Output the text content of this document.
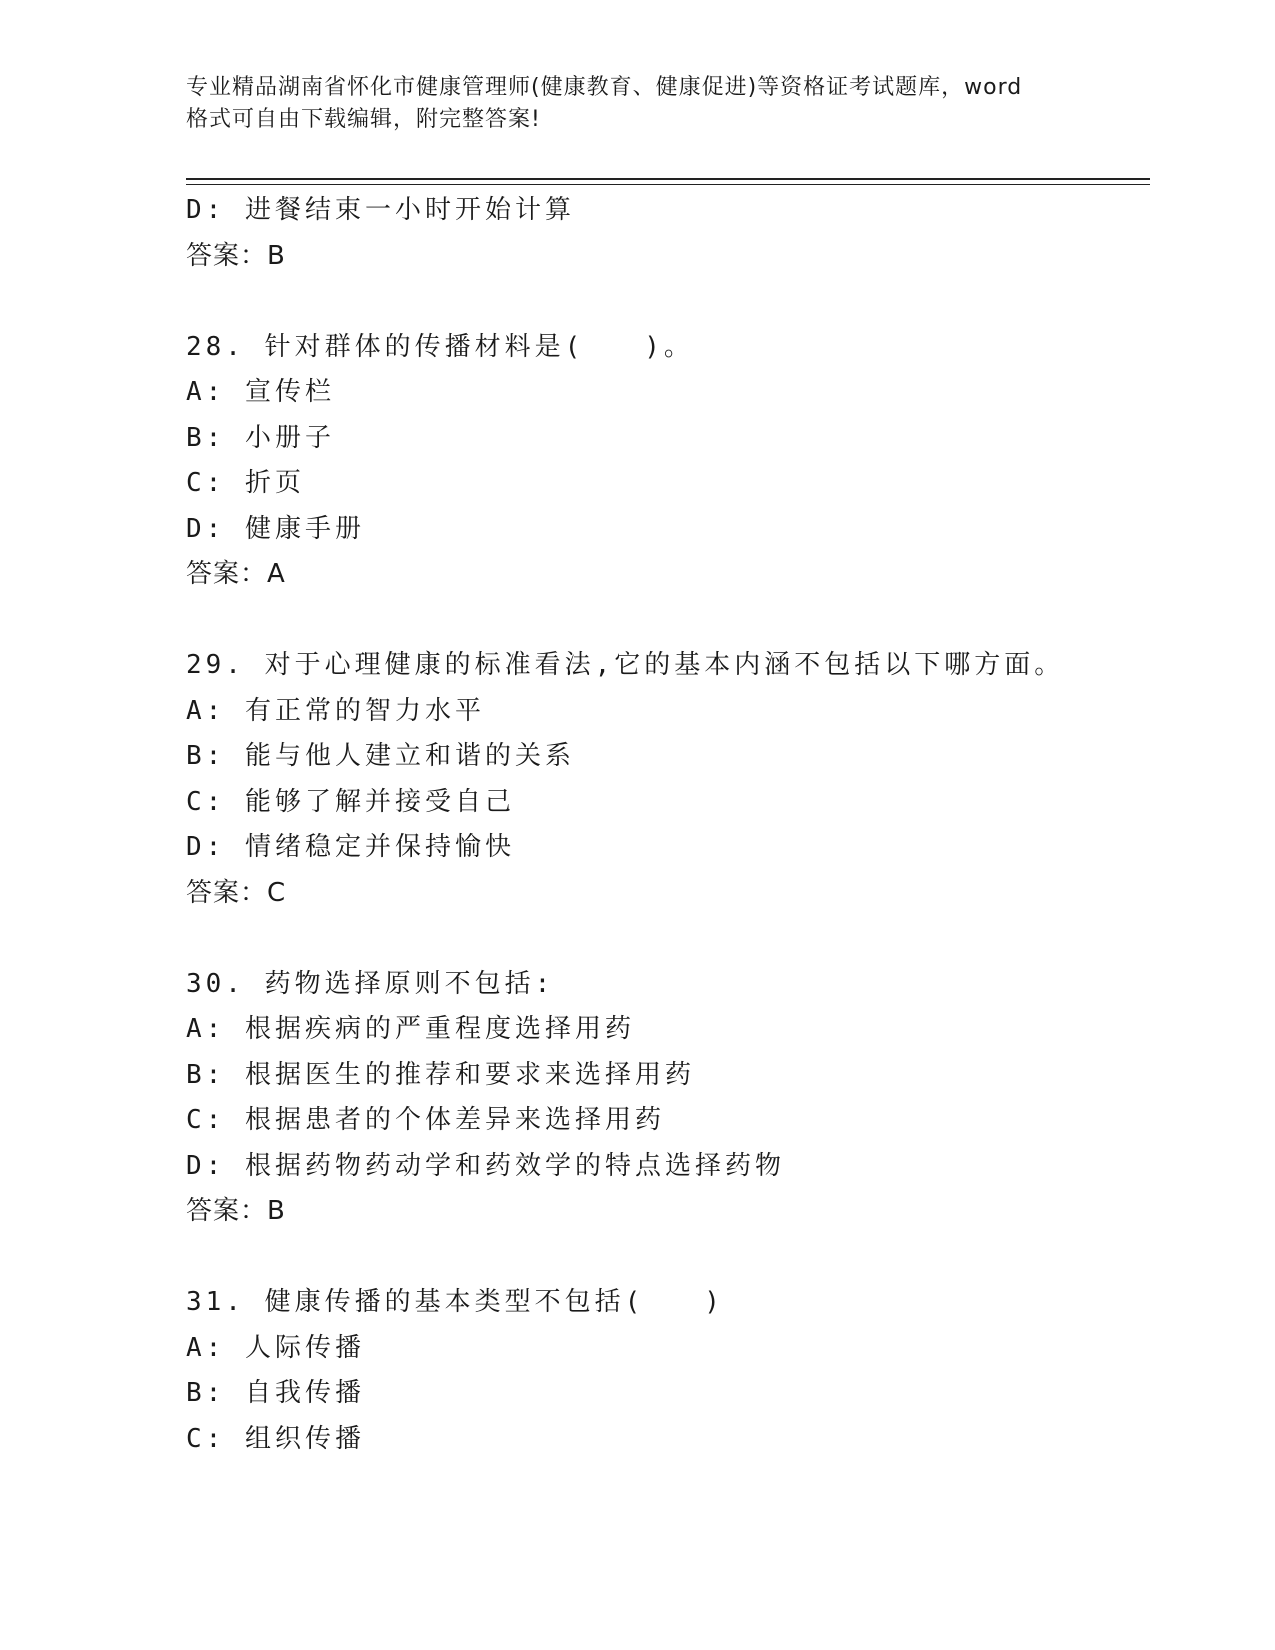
专业精品湖南省怀化市健康管理师(健康教育、健康促进)等资格证考试题库，word
格式可自由下载编辑，附完整答案!
D: 进餐结束一小时开始计算
答案：B
28. 针对群体的传播材料是(　　)。
A: 宣传栏
B: 小册子
C: 折页
D: 健康手册
答案：A
29. 对于心理健康的标准看法,它的基本内涵不包括以下哪方面。
A: 有正常的智力水平
B: 能与他人建立和谐的关系
C: 能够了解并接受自己
D: 情绪稳定并保持愉快
答案：C
30. 药物选择原则不包括:
A: 根据疾病的严重程度选择用药
B: 根据医生的推荐和要求来选择用药
C: 根据患者的个体差异来选择用药
D: 根据药物药动学和药效学的特点选择药物
答案：B
31. 健康传播的基本类型不包括(　　)
A: 人际传播
B: 自我传播
C: 组织传播
